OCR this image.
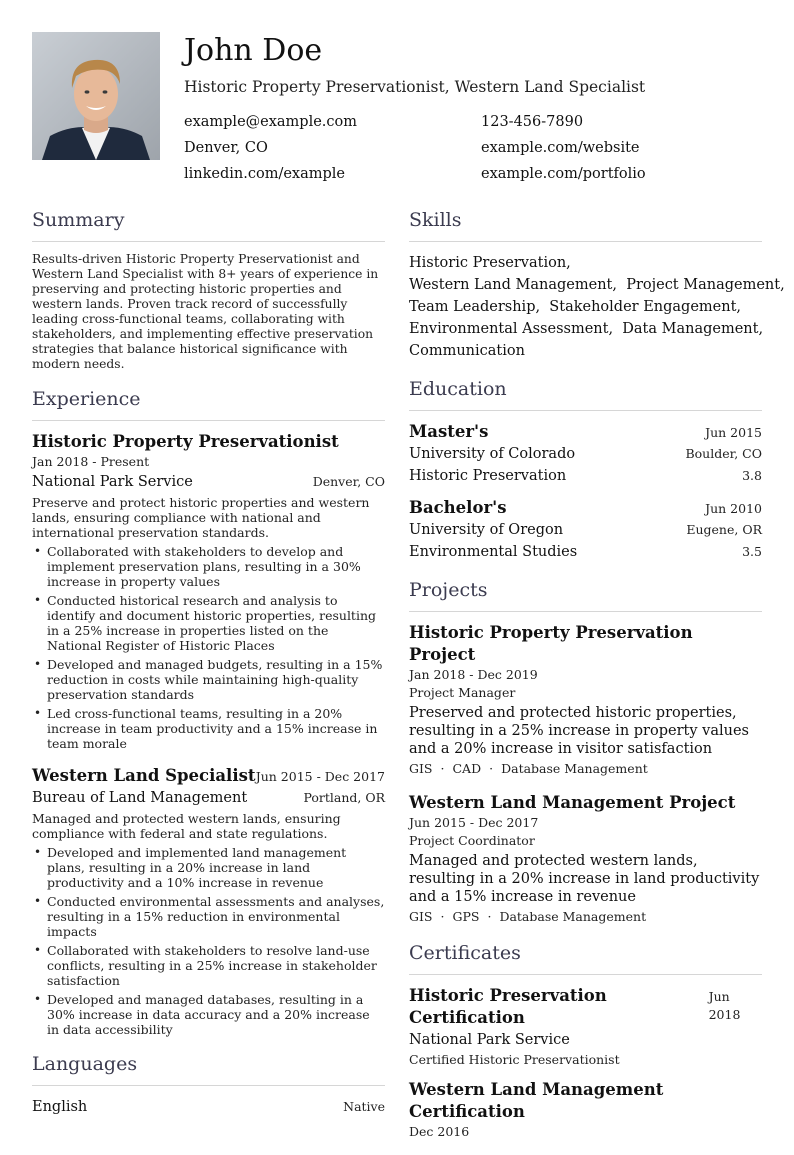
John Doe
Historic Property Preservationist, Western Land Specialist
example@example.com	123-456-7890
Denver, CO	example.com/website
linkedin.com/example	example.com/portfolio
Summary
Results-driven Historic Property Preservationist and Western Land Specialist with 8+ years of experience in preserving and protecting historic properties and western lands. Proven track record of successfully leading cross-functional teams, collaborating with stakeholders, and implementing effective preservation strategies that balance historical significance with modern needs.
Experience
Historic Property Preservationist
Jan 2018 - Present
National Park Service	Denver, CO
Preserve and protect historic properties and western lands, ensuring compliance with national and international preservation standards.
• Collaborated with stakeholders to develop and implement preservation plans, resulting in a 30% increase in property values
• Conducted historical research and analysis to identify and document historic properties, resulting in a 25% increase in properties listed on the National Register of Historic Places
• Developed and managed budgets, resulting in a 15% reduction in costs while maintaining high-quality preservation standards
• Led cross-functional teams, resulting in a 20% increase in team productivity and a 15% increase in team morale
Western Land Specialist Jun 2015 - Dec 2017
Bureau of Land Management	Portland, OR
Managed and protected western lands, ensuring compliance with federal and state regulations.
• Developed and implemented land management plans, resulting in a 20% increase in land productivity and a 10% increase in revenue
• Conducted environmental assessments and analyses, resulting in a 15% reduction in environmental impacts
• Collaborated with stakeholders to resolve land-use conflicts, resulting in a 25% increase in stakeholder satisfaction
• Developed and managed databases, resulting in a 30% increase in data accuracy and a 20% increase in data accessibility
Languages
English	Native
Skills
Historic Preservation,
Western Land Management,  Project Management,
Team Leadership,  Stakeholder Engagement,
Environmental Assessment,  Data Management,
Communication
Education
Master's	Jun 2015
University of Colorado	Boulder, CO
Historic Preservation	3.8
Bachelor's	Jun 2010
University of Oregon	Eugene, OR
Environmental Studies	3.5
Projects
Historic Property Preservation Project
Jan 2018 - Dec 2019
Project Manager
Preserved and protected historic properties, resulting in a 25% increase in property values and a 20% increase in visitor satisfaction
GIS · CAD · Database Management
Western Land Management Project
Jun 2015 - Dec 2017
Project Coordinator
Managed and protected western lands, resulting in a 20% increase in land productivity and a 15% increase in revenue
GIS · GPS · Database Management
Certificates
Historic Preservation Certification
Jun 2018
National Park Service
Certified Historic Preservationist
Western Land Management Certification
Dec 2016
